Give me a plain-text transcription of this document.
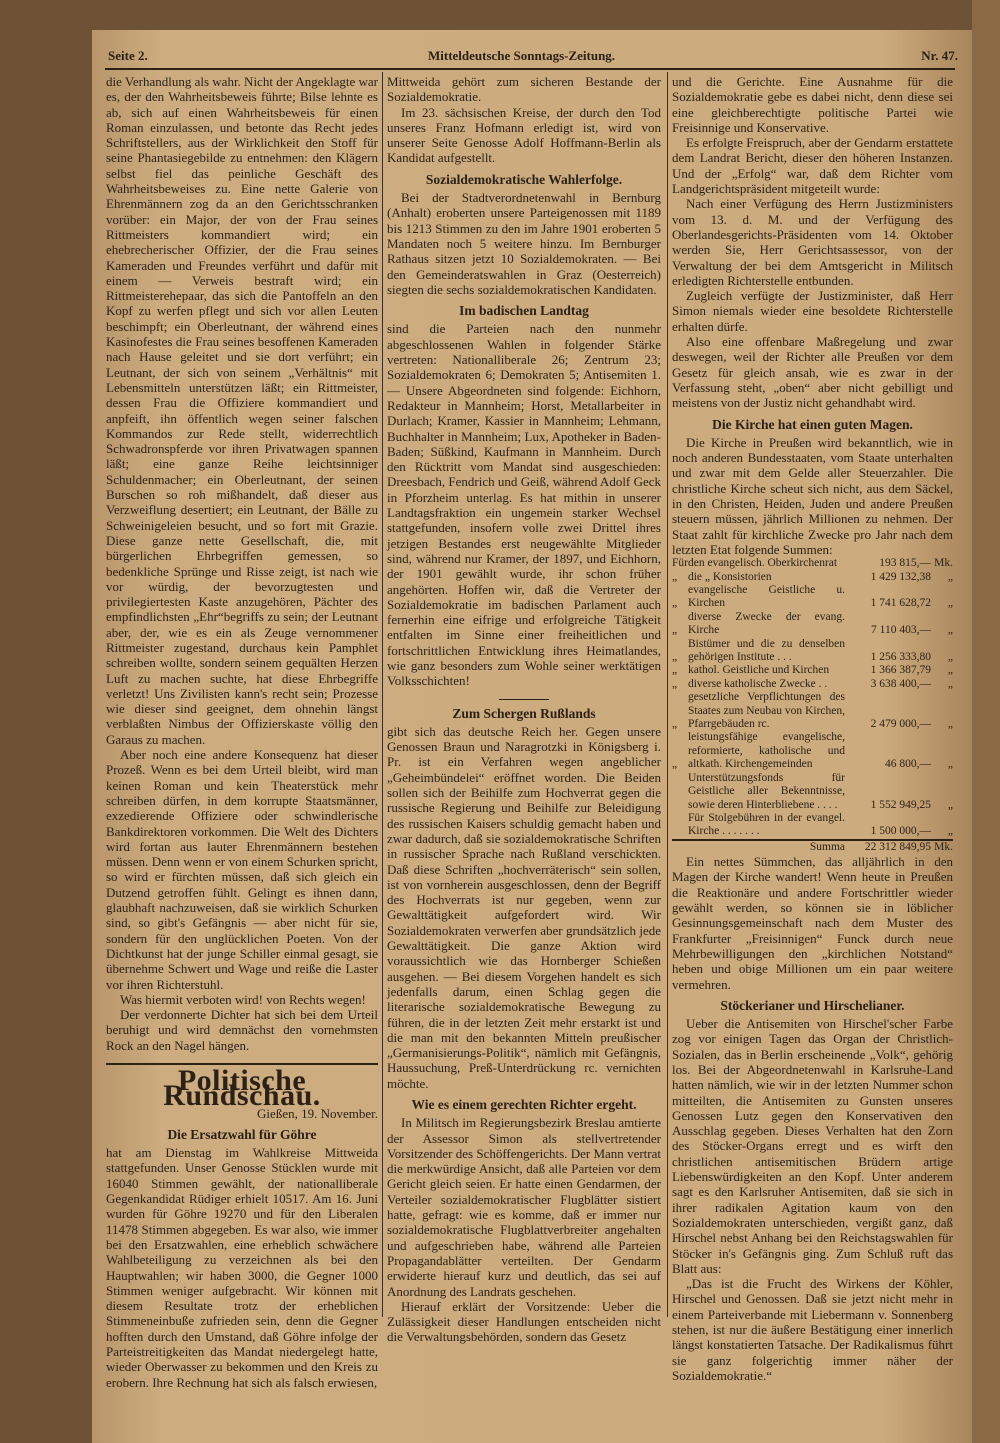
Seite 2.	Mitteldeutsche Sonntags-Zeitung.	Nr. 47.

die Verhandlung als wahr. Nicht der Angeklagte war es, der den Wahrheitsbeweis führte; Bilse lehnte es ab, sich auf einen Wahrheitsbeweis für einen Roman einzulassen, und betonte das Recht jedes Schriftstellers, aus der Wirklichkeit den Stoff für seine Phantasiegebilde zu entnehmen: den Klägern selbst fiel das peinliche Geschäft des Wahrheitsbeweises zu. Eine nette Galerie von Ehrenmännern zog da an den Gerichtsschranken vorüber: ein Major, der von der Frau seines Rittmeisters kommandiert wird; ein ehebrecherischer Offizier, der die Frau seines Kameraden und Freundes verführt und dafür mit einem — Verweis bestraft wird; ein Rittmeisterehepaar, das sich die Pantoffeln an den Kopf zu werfen pflegt und sich vor allen Leuten beschimpft; ein Oberleutnant, der während eines Kasinofestes die Frau seines besoffenen Kameraden nach Hause geleitet und sie dort verführt; ein Leutnant, der sich von seinem „Verhältnis“ mit Lebensmitteln unterstützen läßt; ein Rittmeister, dessen Frau die Offiziere kommandiert und anpfeift, ihn öffentlich wegen seiner falschen Kommandos zur Rede stellt, widerrechtlich Schwadronspferde vor ihren Privatwagen spannen läßt; eine ganze Reihe leichtsinniger Schuldenmacher; ein Oberleutnant, der seinen Burschen so roh mißhandelt, daß dieser aus Verzweiflung desertiert; ein Leutnant, der Bälle zu Schweinigeleien besucht, und so fort mit Grazie. Diese ganze nette Gesellschaft, die, mit bürgerlichen Ehrbegriffen gemessen, so bedenkliche Sprünge und Risse zeigt, ist nach wie vor würdig, der bevorzugtesten und privilegiertesten Kaste anzugehören, Pächter des empfindlichsten „Ehr“begriffs zu sein; der Leutnant aber, der, wie es ein als Zeuge vernommener Rittmeister zugestand, durchaus kein Pamphlet schreiben wollte, sondern seinem gequälten Herzen Luft zu machen suchte, hat diese Ehrbegriffe verletzt! Uns Zivilisten kann's recht sein; Prozesse wie dieser sind geeignet, dem ohnehin längst verblaßten Nimbus der Offizierskaste völlig den Garaus zu machen.

Aber noch eine andere Konsequenz hat dieser Prozeß. Wenn es bei dem Urteil bleibt, wird man keinen Roman und kein Theaterstück mehr schreiben dürfen, in dem korrupte Staatsmänner, exzedierende Offiziere oder schwindlerische Bankdirektoren vorkommen. Die Welt des Dichters wird fortan aus lauter Ehrenmännern bestehen müssen. Denn wenn er von einem Schurken spricht, so wird er fürchten müssen, daß sich gleich ein Dutzend getroffen fühlt. Gelingt es ihnen dann, glaubhaft nachzuweisen, daß sie wirklich Schurken sind, so gibt's Gefängnis — aber nicht für sie, sondern für den unglücklichen Poeten. Von der Dichtkunst hat der junge Schiller einmal gesagt, sie übernehme Schwert und Wage und reiße die Laster vor ihren Richterstuhl.

Was hiermit verboten wird! von Rechts wegen!

Der verdonnerte Dichter hat sich bei dem Urteil beruhigt und wird demnächst den vornehmsten Rock an den Nagel hängen.

Politische Rundschau.
Gießen, 19. November.
Die Ersatzwahl für Göhre

hat am Dienstag im Wahlkreise Mittweida stattgefunden. Unser Genosse Stücklen wurde mit 16040 Stimmen gewählt, der nationalliberale Gegenkandidat Rüdiger erhielt 10517. Am 16. Juni wurden für Göhre 19270 und für den Liberalen 11478 Stimmen abgegeben. Es war also, wie immer bei den Ersatzwahlen, eine erheblich schwächere Wahlbeteiligung zu verzeichnen als bei den Hauptwahlen; wir haben 3000, die Gegner 1000 Stimmen weniger aufgebracht. Wir können mit diesem Resultate trotz der erheblichen Stimmeneinbuße zufrieden sein, denn die Gegner hofften durch den Umstand, daß Göhre infolge der Parteistreitigkeiten das Mandat niedergelegt hatte, wieder Oberwasser zu bekommen und den Kreis zu erobern. Ihre Rechnung hat sich als falsch erwiesen,

Mittweida gehört zum sicheren Bestande der Sozialdemokratie.

Im 23. sächsischen Kreise, der durch den Tod unseres Franz Hofmann erledigt ist, wird von unserer Seite Genosse Adolf Hoffmann-Berlin als Kandidat aufgestellt.

Sozialdemokratische Wahlerfolge.

Bei der Stadtverordnetenwahl in Bernburg (Anhalt) eroberten unsere Parteigenossen mit 1189 bis 1213 Stimmen zu den im Jahre 1901 eroberten 5 Mandaten noch 5 weitere hinzu. Im Bernburger Rathaus sitzen jetzt 10 Sozialdemokraten. — Bei den Gemeinderatswahlen in Graz (Oesterreich) siegten die sechs sozialdemokratischen Kandidaten.

Im badischen Landtag

sind die Parteien nach den nunmehr abgeschlossenen Wahlen in folgender Stärke vertreten: Nationalliberale 26; Zentrum 23; Sozialdemokraten 6; Demokraten 5; Antisemiten 1. — Unsere Abgeordneten sind folgende: Eichhorn, Redakteur in Mannheim; Horst, Metallarbeiter in Durlach; Kramer, Kassier in Mannheim; Lehmann, Buchhalter in Mannheim; Lux, Apotheker in Baden-Baden; Süßkind, Kaufmann in Mannheim. Durch den Rücktritt vom Mandat sind ausgeschieden: Dreesbach, Fendrich und Geiß, während Adolf Geck in Pforzheim unterlag. Es hat mithin in unserer Landtagsfraktion ein ungemein starker Wechsel stattgefunden, insofern volle zwei Drittel ihres jetzigen Bestandes erst neugewählte Mitglieder sind, während nur Kramer, der 1897, und Eichhorn, der 1901 gewählt wurde, ihr schon früher angehörten. Hoffen wir, daß die Vertreter der Sozialdemokratie im badischen Parlament auch fernerhin eine eifrige und erfolgreiche Tätigkeit entfalten im Sinne einer freiheitlichen und fortschrittlichen Entwicklung ihres Heimatlandes, wie ganz besonders zum Wohle seiner werktätigen Volksschichten!

Zum Schergen Rußlands

gibt sich das deutsche Reich her. Gegen unsere Genossen Braun und Naragrotzki in Königsberg i. Pr. ist ein Verfahren wegen angeblicher „Geheimbündelei“ eröffnet worden. Die Beiden sollen sich der Beihilfe zum Hochverrat gegen die russische Regierung und Beihilfe zur Beleidigung des russischen Kaisers schuldig gemacht haben und zwar dadurch, daß sie sozialdemokratische Schriften in russischer Sprache nach Rußland verschickten. Daß diese Schriften „hochverräterisch“ sein sollen, ist von vornherein ausgeschlossen, denn der Begriff des Hochverrats ist nur gegeben, wenn zur Gewalttätigkeit aufgefordert wird. Wir Sozialdemokraten verwerfen aber grundsätzlich jede Gewalttätigkeit. Die ganze Aktion wird voraussichtlich wie das Hornberger Schießen ausgehen. — Bei diesem Vorgehen handelt es sich jedenfalls darum, einen Schlag gegen die literarische sozialdemokratische Bewegung zu führen, die in der letzten Zeit mehr erstarkt ist und die man mit den bekannten Mitteln preußischer „Germanisierungs-Politik“, nämlich mit Gefängnis, Haussuchung, Preß-Unterdrückung rc. vernichten möchte.

Wie es einem gerechten Richter ergeht.

In Militsch im Regierungsbezirk Breslau amtierte der Assessor Simon als stellvertretender Vorsitzender des Schöffengerichts. Der Mann vertrat die merkwürdige Ansicht, daß alle Parteien vor dem Gericht gleich seien. Er hatte einen Gendarmen, der Verteiler sozialdemokratischer Flugblätter sistiert hatte, gefragt: wie es komme, daß er immer nur sozialdemokratische Flugblattverbreiter angehalten und aufgeschrieben habe, während alle Parteien Propagandablätter verteilten. Der Gendarm erwiderte hierauf kurz und deutlich, das sei auf Anordnung des Landrats geschehen.

Hierauf erklärt der Vorsitzende: Ueber die Zulässigkeit dieser Handlungen entscheiden nicht die Verwaltungsbehörden, sondern das Gesetz

und die Gerichte. Eine Ausnahme für die Sozialdemokratie gebe es dabei nicht, denn diese sei eine gleichberechtigte politische Partei wie Freisinnige und Konservative.

Es erfolgte Freispruch, aber der Gendarm erstattete dem Landrat Bericht, dieser den höheren Instanzen. Und der „Erfolg“ war, daß dem Richter vom Landgerichtspräsident mitgeteilt wurde:

Nach einer Verfügung des Herrn Justizministers vom 13. d. M. und der Verfügung des Oberlandesgerichts-Präsidenten vom 14. Oktober werden Sie, Herr Gerichtsassessor, von der Verwaltung der bei dem Amtsgericht in Militsch erledigten Richterstelle entbunden.

Zugleich verfügte der Justizminister, daß Herr Simon niemals wieder eine besoldete Richterstelle erhalten dürfe.

Also eine offenbare Maßregelung und zwar deswegen, weil der Richter alle Preußen vor dem Gesetz für gleich ansah, wie es zwar in der Verfassung steht, „oben“ aber nicht gebilligt und meistens von der Justiz nicht gehandhabt wird.

Die Kirche hat einen guten Magen.

Die Kirche in Preußen wird bekanntlich, wie in noch anderen Bundesstaaten, vom Staate unterhalten und zwar mit dem Gelde aller Steuerzahler. Die christliche Kirche scheut sich nicht, aus dem Säckel, in den Christen, Heiden, Juden und andere Preußen steuern müssen, jährlich Millionen zu nehmen. Der Staat zahlt für kirchliche Zwecke pro Jahr nach dem letzten Etat folgende Summen:

Für	den evangelisch. Oberkirchenrat	193 815,—	Mk.
„	die „ Konsistorien	1 429 132,38	„
„	evangelische Geistliche u. Kirchen	1 741 628,72	„
„	diverse Zwecke der evang. Kirche	7 110 403,—	„
„	Bistümer und die zu denselben gehörigen Institute . . .	1 256 333,80	„
„	kathol. Geistliche und Kirchen	1 366 387,79	„
„	diverse katholische Zwecke . .	3 638 400,—	„
„	gesetzliche Verpflichtungen des Staates zum Neubau von Kirchen, Pfarrgebäuden rc.	2 479 000,—	„
„	leistungsfähige evangelische, reformierte, katholische und altkath. Kirchengemeinden	46 800,—	„
	Unterstützungsfonds für Geistliche aller Bekenntnisse, sowie deren Hinterbliebene . . . .	1 552 949,25	„
	Für Stolgebühren in der evangel. Kirche . . . . . . .	1 500 000,—	„
	Summa	22 312 849,95	Mk.

Ein nettes Sümmchen, das alljährlich in den Magen der Kirche wandert! Wenn heute in Preußen die Reaktionäre und andere Fortschrittler wieder gewählt werden, so können sie in löblicher Gesinnungsgemeinschaft nach dem Muster des Frankfurter „Freisinnigen“ Funck durch neue Mehrbewilligungen den „kirchlichen Notstand“ heben und obige Millionen um ein paar weitere vermehren.

Stöckerianer und Hirschelianer.

Ueber die Antisemiten von Hirschel'scher Farbe zog vor einigen Tagen das Organ der Christlich-Sozialen, das in Berlin erscheinende „Volk“, gehörig los. Bei der Abgeordnetenwahl in Karlsruhe-Land hatten nämlich, wie wir in der letzten Nummer schon mitteilten, die Antisemiten zu Gunsten unseres Genossen Lutz gegen den Konservativen den Ausschlag gegeben. Dieses Verhalten hat den Zorn des Stöcker-Organs erregt und es wirft den christlichen antisemitischen Brüdern artige Liebenswürdigkeiten an den Kopf. Unter anderem sagt es den Karlsruher Antisemiten, daß sie sich in ihrer radikalen Agitation kaum von den Sozialdemokraten unterschieden, vergißt ganz, daß Hirschel nebst Anhang bei den Reichstagswahlen für Stöcker in's Gefängnis ging. Zum Schluß ruft das Blatt aus:

„Das ist die Frucht des Wirkens der Köhler, Hirschel und Genossen. Daß sie jetzt nicht mehr in einem Parteiverbande mit Liebermann v. Sonnenberg stehen, ist nur die äußere Bestätigung einer innerlich längst konstatierten Tatsache. Der Radikalismus führt sie ganz folgerichtig immer näher der Sozialdemokratie.“
